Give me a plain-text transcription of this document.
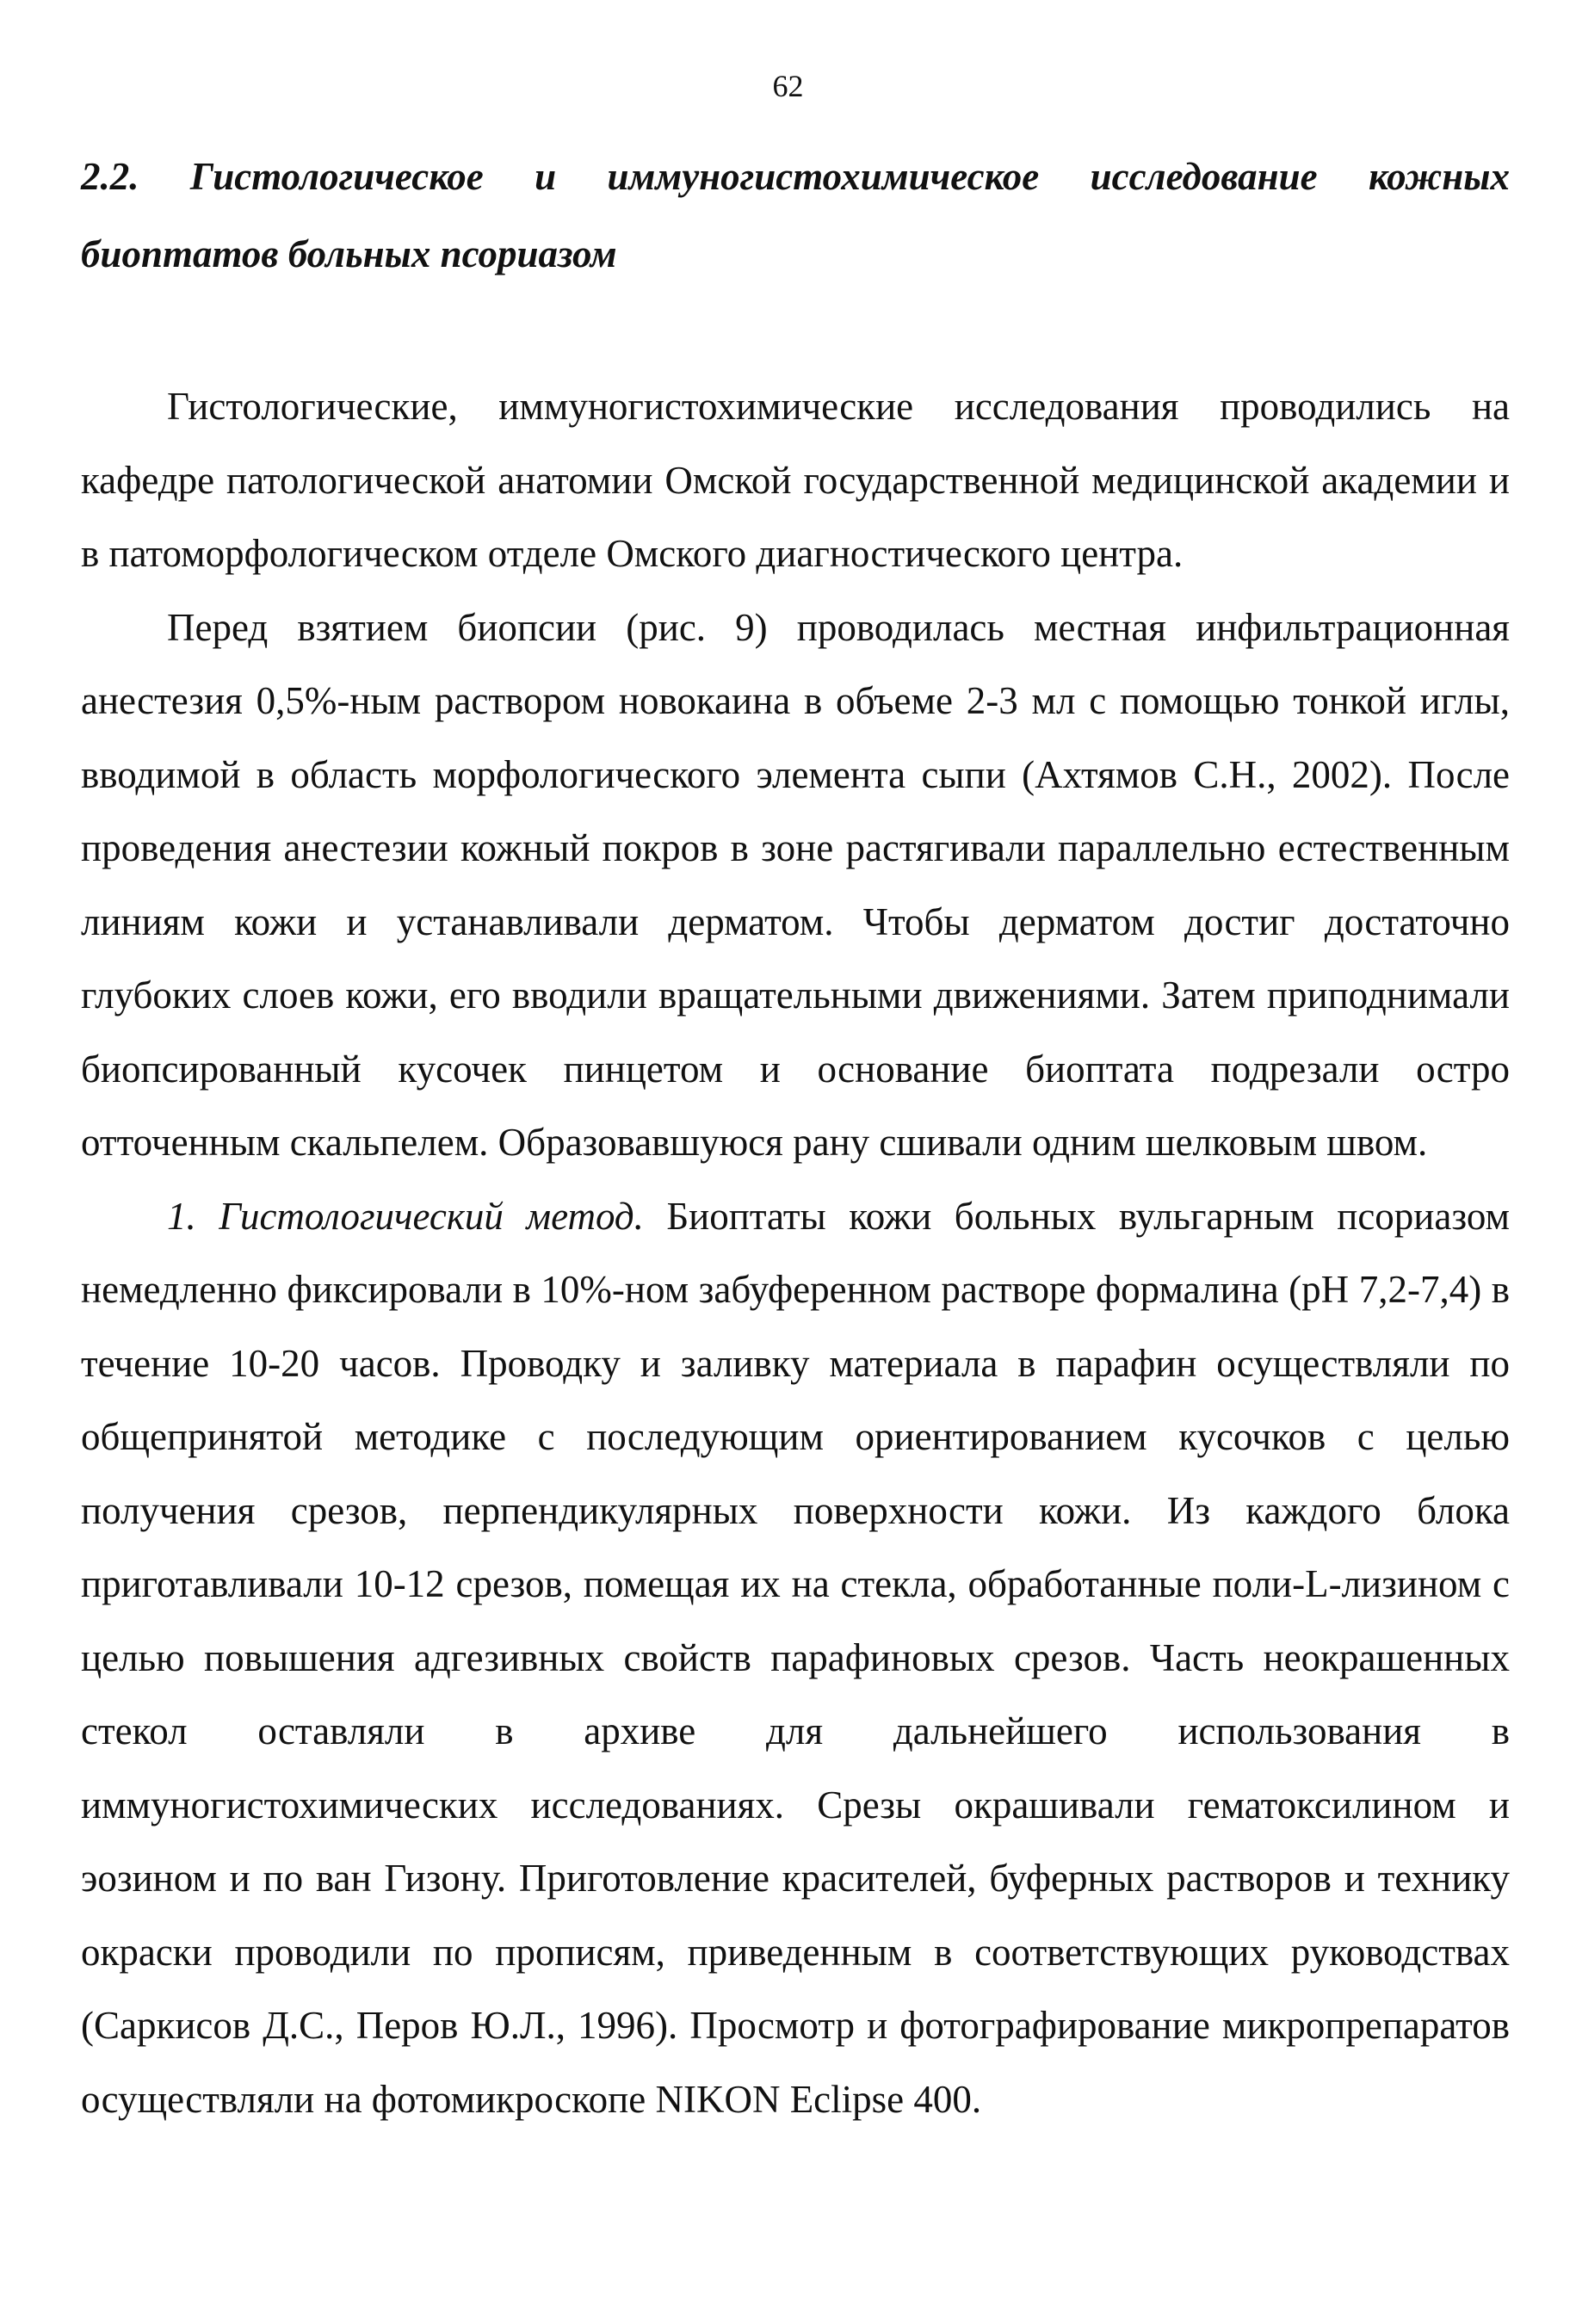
62
2.2. Гистологическое и иммуногистохимическое исследование кожных биоптатов больных псориазом

Гистологические, иммуногистохимические исследования проводились на кафедре патологической анатомии Омской государственной медицинской академии и в патоморфологическом отделе Омского диагностического центра.

Перед взятием биопсии (рис. 9) проводилась местная инфильтрационная анестезия 0,5%-ным раствором новокаина в объеме 2-3 мл с помощью тонкой иглы, вводимой в область морфологического элемента сыпи (Ахтямов С.Н., 2002). После проведения анестезии кожный покров в зоне растягивали параллельно естественным линиям кожи и устанавливали дерматом. Чтобы дерматом достиг достаточно глубоких слоев кожи, его вводили вращательными движениями. Затем приподнимали биопсированный кусочек пинцетом и основание биоптата подрезали остро отточенным скальпелем. Образовавшуюся рану сшивали одним шелковым швом.

1. Гистологический метод. Биоптаты кожи больных вульгарным псориазом немедленно фиксировали в 10%-ном забуференном растворе формалина (pH 7,2-7,4) в течение 10-20 часов. Проводку и заливку материала в парафин осуществляли по общепринятой методике с последующим ориентированием кусочков с целью получения срезов, перпендикулярных поверхности кожи. Из каждого блока приготавливали 10-12 срезов, помещая их на стекла, обработанные поли-L-лизином с целью повышения адгезивных свойств парафиновых срезов. Часть неокрашенных стекол оставляли в архиве для дальнейшего использования в иммуногистохимических исследованиях. Срезы окрашивали гематоксилином и эозином и по ван Гизону. Приготовление красителей, буферных растворов и технику окраски проводили по прописям, приведенным в соответствующих руководствах (Саркисов Д.С., Перов Ю.Л., 1996). Просмотр и фотографирование микропрепаратов осуществляли на фотомикроскопе NIKON Eclipse 400.
